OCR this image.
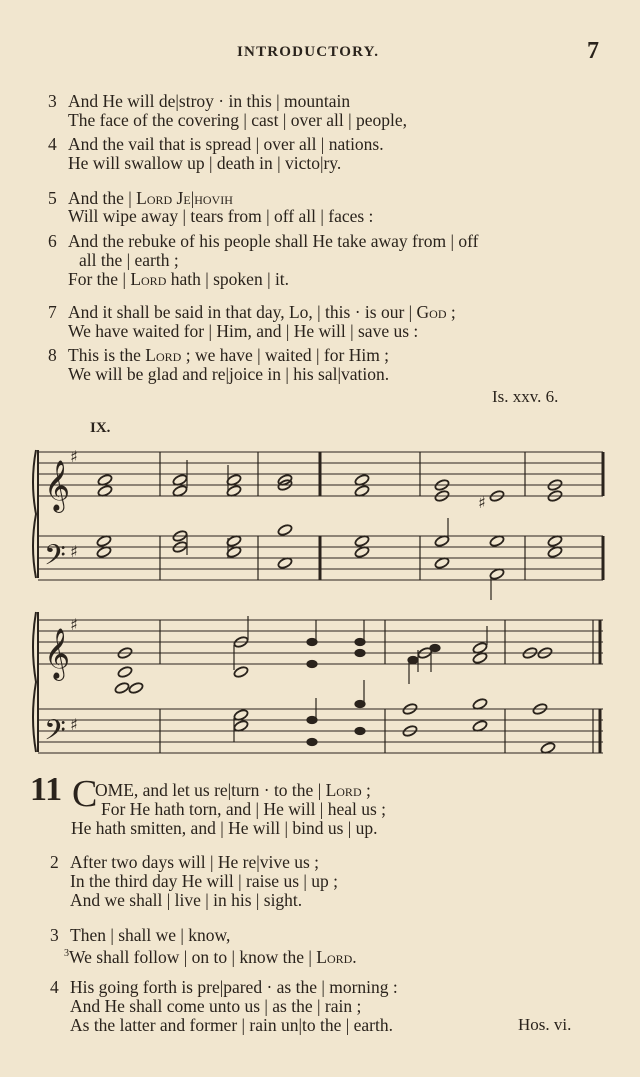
INTRODUCTORY.	7
3 And He will de|stroy · in this | mountain
The face of the covering | cast | over all | people,
4 And the vail that is spread | over all | nations.
He will swallow up | death in | victo|ry.
5 And the | Lord Je|hovih
Will wipe away | tears from | off all | faces :
6 And the rebuke of his people shall He take away from | off
all the | earth ;
For the | Lord hath | spoken | it.
7 And it shall be said in that day, Lo, | this · is our | God ;
We have waited for | Him, and | He will | save us :
8 This is the Lord ; we have | waited | for Him ;
We will be glad and re|joice in | his sal|vation.
Is. xxv. 6.
IX.
𝄞
𝄢
♯
♯
♯
𝄞
𝄢
♯
♯
11 C
OME, and let us re|turn · to the | Lord ;
For He hath torn, and | He will | heal us ;
He hath smitten, and | He will | bind us | up.
2 After two days will | He re|vive us ;
In the third day He will | raise us | up ;
And we shall | live | in his | sight.
3 Then | shall we | know,
$^3$We shall follow | on to | know the | Lord.
4 His going forth is pre|pared · as the | morning :
And He shall come unto us | as the | rain ;
As the latter and former | rain un|to the | earth.	Hos. vi.
